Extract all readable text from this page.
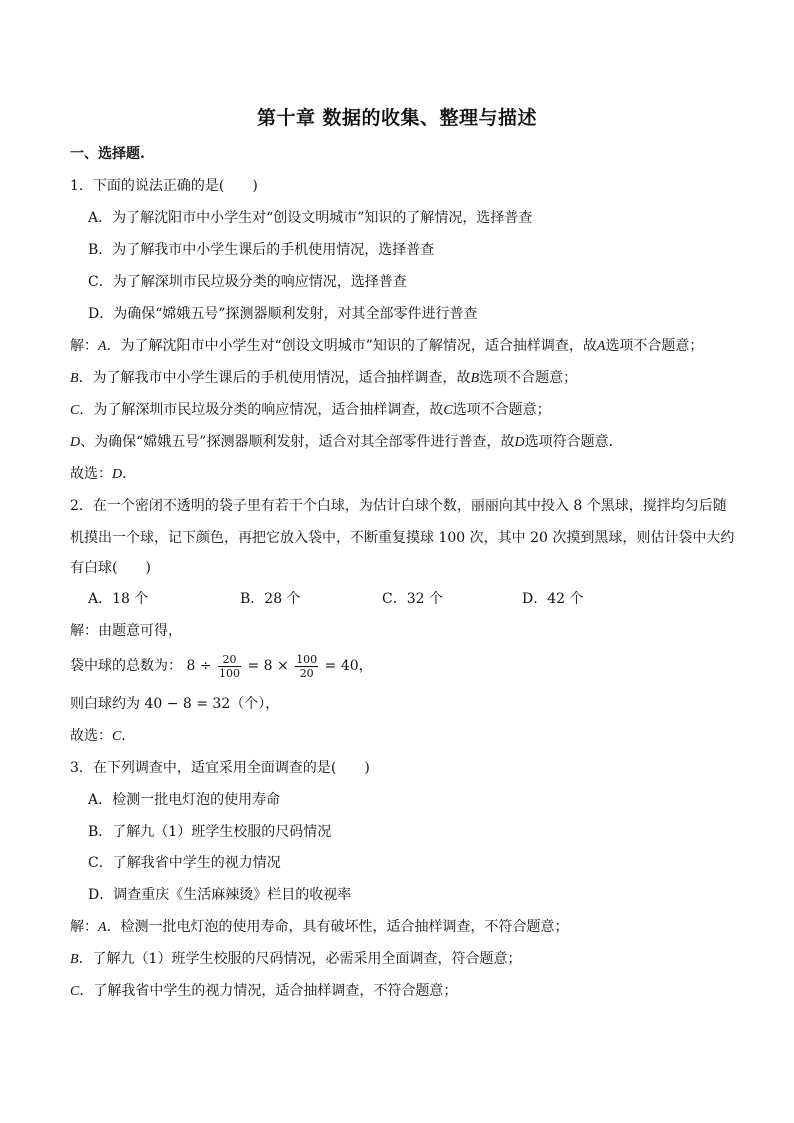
第十章 数据的收集、整理与描述
一、选择题.
1．下面的说法正确的是(　　)
A．为了解沈阳市中小学生对“创设文明城市”知识的了解情况，选择普查
B．为了解我市中小学生课后的手机使用情况，选择普查
C．为了解深圳市民垃圾分类的响应情况，选择普查
D．为确保“嫦娥五号”探测器顺利发射，对其全部零件进行普查
解：A．为了解沈阳市中小学生对“创设文明城市”知识的了解情况，适合抽样调查，故A选项不合题意；
B．为了解我市中小学生课后的手机使用情况，适合抽样调查，故B选项不合题意；
C．为了解深圳市民垃圾分类的响应情况，适合抽样调查，故C选项不合题意；
D、为确保“嫦娥五号”探测器顺利发射，适合对其全部零件进行普查，故D选项符合题意．
故选：D．
2．在一个密闭不透明的袋子里有若干个白球，为估计白球个数，丽丽向其中投入 8 个黑球，搅拌均匀后随
机摸出一个球，记下颜色，再把它放入袋中，不断重复摸球 100 次，其中 20 次摸到黑球，则估计袋中大约
有白球(　　)
A．18 个	B．28 个	C．32 个	D．42 个
解：由题意可得，
袋中球的总数为： $8 \div \frac{20}{100} = 8 \times \frac{100}{20} = 40$，
则白球约为 40 − 8 = 32（个），
故选：C．
3．在下列调查中，适宜采用全面调查的是(　　)
A．检测一批电灯泡的使用寿命
B．了解九（1）班学生校服的尺码情况
C．了解我省中学生的视力情况
D．调查重庆《生活麻辣烫》栏目的收视率
解：A．检测一批电灯泡的使用寿命，具有破坏性，适合抽样调查，不符合题意；
B．了解九（1）班学生校服的尺码情况，必需采用全面调查，符合题意；
C．了解我省中学生的视力情况，适合抽样调查，不符合题意；
